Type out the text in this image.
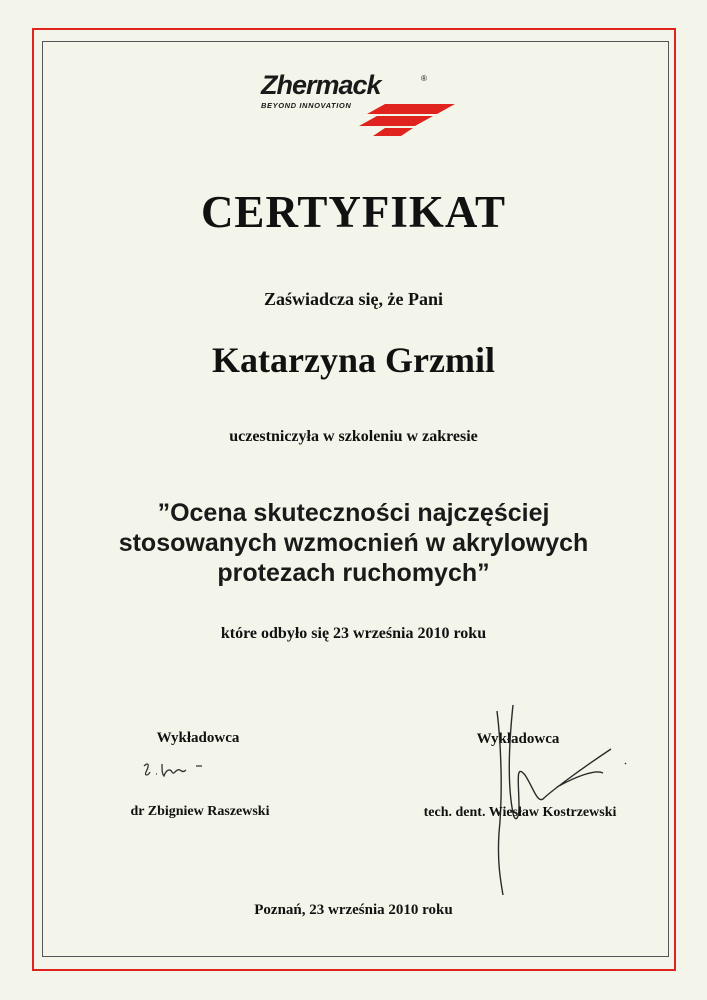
Zhermack	®
BEYOND INNOVATION
CERTYFIKAT
Zaświadcza się, że Pani
Katarzyna Grzmil
uczestniczyła w szkoleniu w zakresie
”Ocena skuteczności najczęściej
stosowanych wzmocnień w akrylowych
protezach ruchomych”
które odbyło się 23 września 2010 roku
Wykładowca
dr Zbigniew Raszewski
Wykładowca
tech. dent. Wiesław Kostrzewski
Poznań, 23 września 2010 roku
